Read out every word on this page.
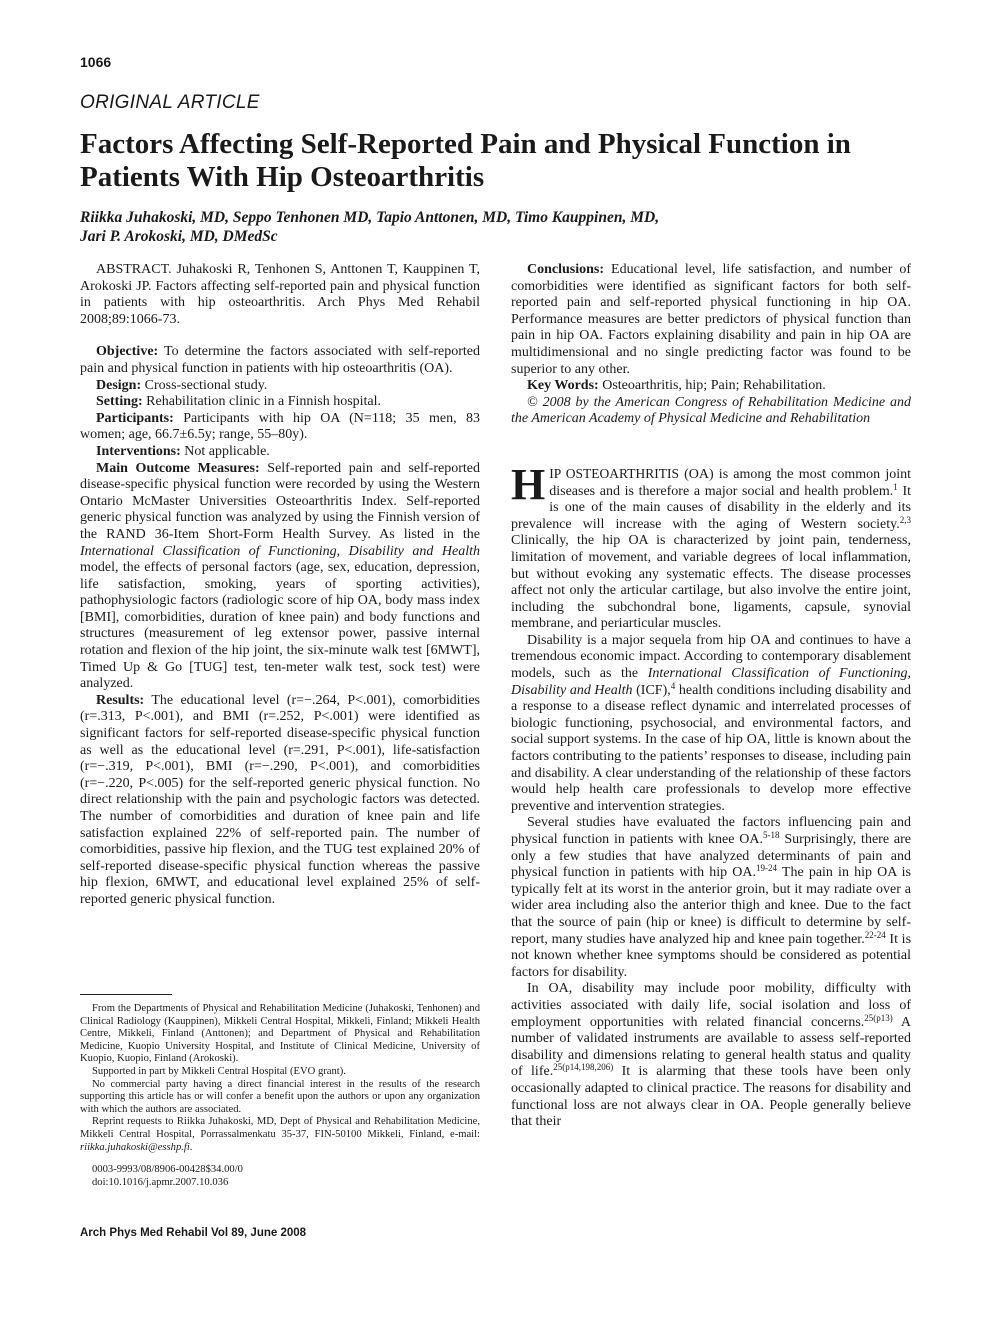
1066
ORIGINAL ARTICLE
Factors Affecting Self-Reported Pain and Physical Function in Patients With Hip Osteoarthritis
Riikka Juhakoski, MD, Seppo Tenhonen MD, Tapio Anttonen, MD, Timo Kauppinen, MD,
Jari P. Arokoski, MD, DMedSc

ABSTRACT. Juhakoski R, Tenhonen S, Anttonen T, Kauppinen T, Arokoski JP. Factors affecting self-reported pain and physical function in patients with hip osteoarthritis. Arch Phys Med Rehabil 2008;89:1066-73.

Objective: To determine the factors associated with self-reported pain and physical function in patients with hip osteoarthritis (OA).

Design: Cross-sectional study.

Setting: Rehabilitation clinic in a Finnish hospital.

Participants: Participants with hip OA (N=118; 35 men, 83 women; age, 66.7±6.5y; range, 55–80y).

Interventions: Not applicable.

Main Outcome Measures: Self-reported pain and self-reported disease-specific physical function were recorded by using the Western Ontario McMaster Universities Osteoarthritis Index. Self-reported generic physical function was analyzed by using the Finnish version of the RAND 36-Item Short-Form Health Survey. As listed in the International Classification of Functioning, Disability and Health model, the effects of personal factors (age, sex, education, depression, life satisfaction, smoking, years of sporting activities), pathophysiologic factors (radiologic score of hip OA, body mass index [BMI], comorbidities, duration of knee pain) and body functions and structures (measurement of leg extensor power, passive internal rotation and flexion of the hip joint, the six-minute walk test [6MWT], Timed Up & Go [TUG] test, ten-meter walk test, sock test) were analyzed.

Results: The educational level (r=−.264, P<.001), comorbidities (r=.313, P<.001), and BMI (r=.252, P<.001) were identified as significant factors for self-reported disease-specific physical function as well as the educational level (r=.291, P<.001), life-satisfaction (r=−.319, P<.001), BMI (r=−.290, P<.001), and comorbidities (r=−.220, P<.005) for the self-reported generic physical function. No direct relationship with the pain and psychologic factors was detected. The number of comorbidities and duration of knee pain and life satisfaction explained 22% of self-reported pain. The number of comorbidities, passive hip flexion, and the TUG test explained 20% of self-reported disease-specific physical function whereas the passive hip flexion, 6MWT, and educational level explained 25% of self-reported generic physical function.

Conclusions: Educational level, life satisfaction, and number of comorbidities were identified as significant factors for both self-reported pain and self-reported physical functioning in hip OA. Performance measures are better predictors of physical function than pain in hip OA. Factors explaining disability and pain in hip OA are multidimensional and no single predicting factor was found to be superior to any other.

Key Words: Osteoarthritis, hip; Pain; Rehabilitation.

© 2008 by the American Congress of Rehabilitation Medicine and the American Academy of Physical Medicine and Rehabilitation

HIP OSTEOARTHRITIS (OA) is among the most common joint diseases and is therefore a major social and health problem.$^1$ It is one of the main causes of disability in the elderly and its prevalence will increase with the aging of Western society.$^{2,3}$ Clinically, the hip OA is characterized by joint pain, tenderness, limitation of movement, and variable degrees of local inflammation, but without evoking any systematic effects. The disease processes affect not only the articular cartilage, but also involve the entire joint, including the subchondral bone, ligaments, capsule, synovial membrane, and periarticular muscles.

Disability is a major sequela from hip OA and continues to have a tremendous economic impact. According to contemporary disablement models, such as the International Classification of Functioning, Disability and Health (ICF),$^4$ health conditions including disability and a response to a disease reflect dynamic and interrelated processes of biologic functioning, psychosocial, and environmental factors, and social support systems. In the case of hip OA, little is known about the factors contributing to the patients’ responses to disease, including pain and disability. A clear understanding of the relationship of these factors would help health care professionals to develop more effective preventive and intervention strategies.

Several studies have evaluated the factors influencing pain and physical function in patients with knee OA.$^{5-18}$ Surprisingly, there are only a few studies that have analyzed determinants of pain and physical function in patients with hip OA.$^{19-24}$ The pain in hip OA is typically felt at its worst in the anterior groin, but it may radiate over a wider area including also the anterior thigh and knee. Due to the fact that the source of pain (hip or knee) is difficult to determine by self-report, many studies have analyzed hip and knee pain together.$^{22-24}$ It is not known whether knee symptoms should be considered as potential factors for disability.

In OA, disability may include poor mobility, difficulty with activities associated with daily life, social isolation and loss of employment opportunities with related financial concerns.$^{25(p13)}$ A number of validated instruments are available to assess self-reported disability and dimensions relating to general health status and quality of life.$^{25(p14,198,206)}$ It is alarming that these tools have been only occasionally adapted to clinical practice. The reasons for disability and functional loss are not always clear in OA. People generally believe that their

From the Departments of Physical and Rehabilitation Medicine (Juhakoski, Tenhonen) and Clinical Radiology (Kauppinen), Mikkeli Central Hospital, Mikkeli, Finland; Mikkeli Health Centre, Mikkeli, Finland (Anttonen); and Department of Physical and Rehabilitation Medicine, Kuopio University Hospital, and Institute of Clinical Medicine, University of Kuopio, Kuopio, Finland (Arokoski).

Supported in part by Mikkeli Central Hospital (EVO grant).

No commercial party having a direct financial interest in the results of the research supporting this article has or will confer a benefit upon the authors or upon any organization with which the authors are associated.

Reprint requests to Riikka Juhakoski, MD, Dept of Physical and Rehabilitation Medicine, Mikkeli Central Hospital, Porrassalmenkatu 35-37, FIN-50100 Mikkeli, Finland, e-mail: riikka.juhakoski@esshp.fi.

0003-9993/08/8906-00428$34.00/0

doi:10.1016/j.apmr.2007.10.036

Arch Phys Med Rehabil Vol 89, June 2008
